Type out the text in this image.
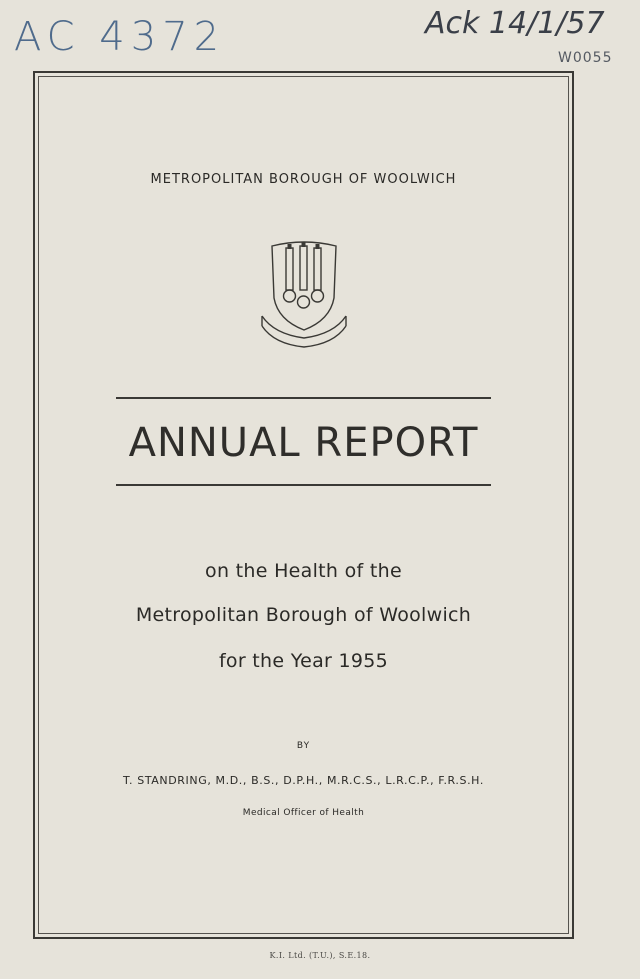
AC 4372	Ack 14/1/57
W0055
METROPOLITAN BOROUGH OF WOOLWICH
ANNUAL REPORT
on the Health of the
Metropolitan Borough of Woolwich
for the Year 1955
BY
T. STANDRING, M.D., B.S., D.P.H., M.R.C.S., L.R.C.P., F.R.S.H.
Medical Officer of Health
K.I. Ltd. (T.U.), S.E.18.
